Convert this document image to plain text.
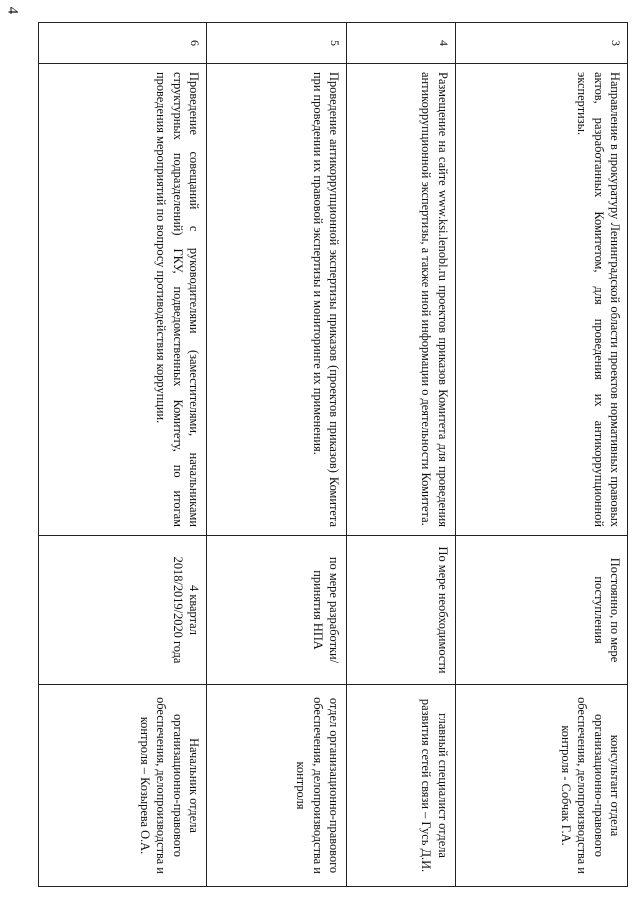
4
3	Направление в прокуратуру Ленинградской области проектов нормативных правовых актов, разработанных Комитетом, для проведения их антикоррупционной экспертизы.	Постоянно, по мере поступления	консультант отдела организационно-правового обеспечения, делопроизводства и контроля - Собчак Г.А.
4	Размещение на сайте www.ksi.lenobl.ru проектов приказов Комитета для проведения антикоррупционной экспертизы, а также иной информации о деятельности Комитета.	По мере необходимости	главный специалист отдела развития сетей связи – Гусь Д.И.
5	Проведение антикоррупционной экспертизы приказов (проектов приказов) Комитета при проведении их правовой экспертизы и мониторинге их применения.	по мере разработки/принятия НПА	отдел организационно-правового обеспечения, делопроизводства и контроля
6	Проведение совещаний с руководителями (заместителями, начальниками структурных подразделений) ГКУ, подведомственных Комитету, по итогам проведения мероприятий по вопросу противодействия коррупции.	4 квартал 2018/2019/2020 года	Начальник отдела организационно-правового обеспечения, делопроизводства и контроля – Козырева О.А.
